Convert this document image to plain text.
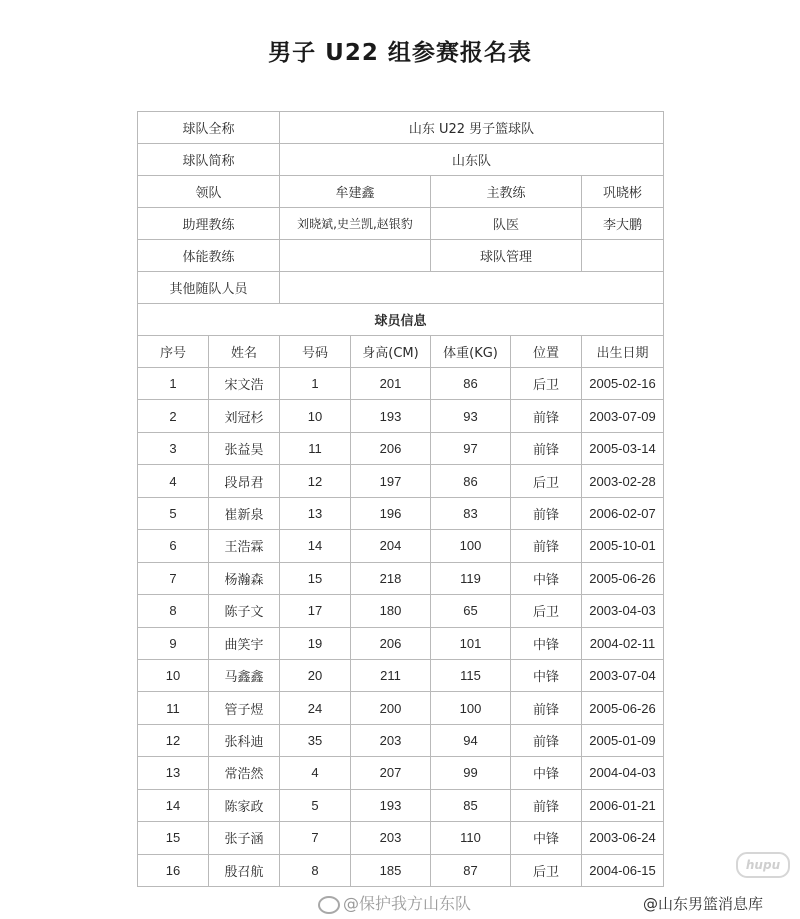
男子 U22 组参赛报名表
球队全称		山东 U22 男子篮球队				
球队简称		山东队				
领队		牟建鑫		主教练		巩晓彬
助理教练		刘晓斌,史兰凯,赵银豹		队医		李大鹏
体能教练				球队管理		
其他随队人员						
球员信息						
序号	姓名	号码	身高(CM)	体重(KG)	位置	出生日期
1	宋文浩	1	201	86	后卫	2005-02-16
2	刘冠杉	10	193	93	前锋	2003-07-09
3	张益昊	11	206	97	前锋	2005-03-14
4	段昂君	12	197	86	后卫	2003-02-28
5	崔新泉	13	196	83	前锋	2006-02-07
6	王浩霖	14	204	100	前锋	2005-10-01
7	杨瀚森	15	218	119	中锋	2005-06-26
8	陈子文	17	180	65	后卫	2003-04-03
9	曲笑宇	19	206	101	中锋	2004-02-11
10	马鑫鑫	20	211	115	中锋	2003-07-04
11	管子煜	24	200	100	前锋	2005-06-26
12	张科迪	35	203	94	前锋	2005-01-09
13	常浩然	4	207	99	中锋	2004-04-03
14	陈家政	5	193	85	前锋	2006-01-21
15	张子涵	7	203	110	中锋	2003-06-24
16	殷召航	8	185	87	后卫	2004-06-15	hupu
@保护我方山东队	@山东男篮消息库
